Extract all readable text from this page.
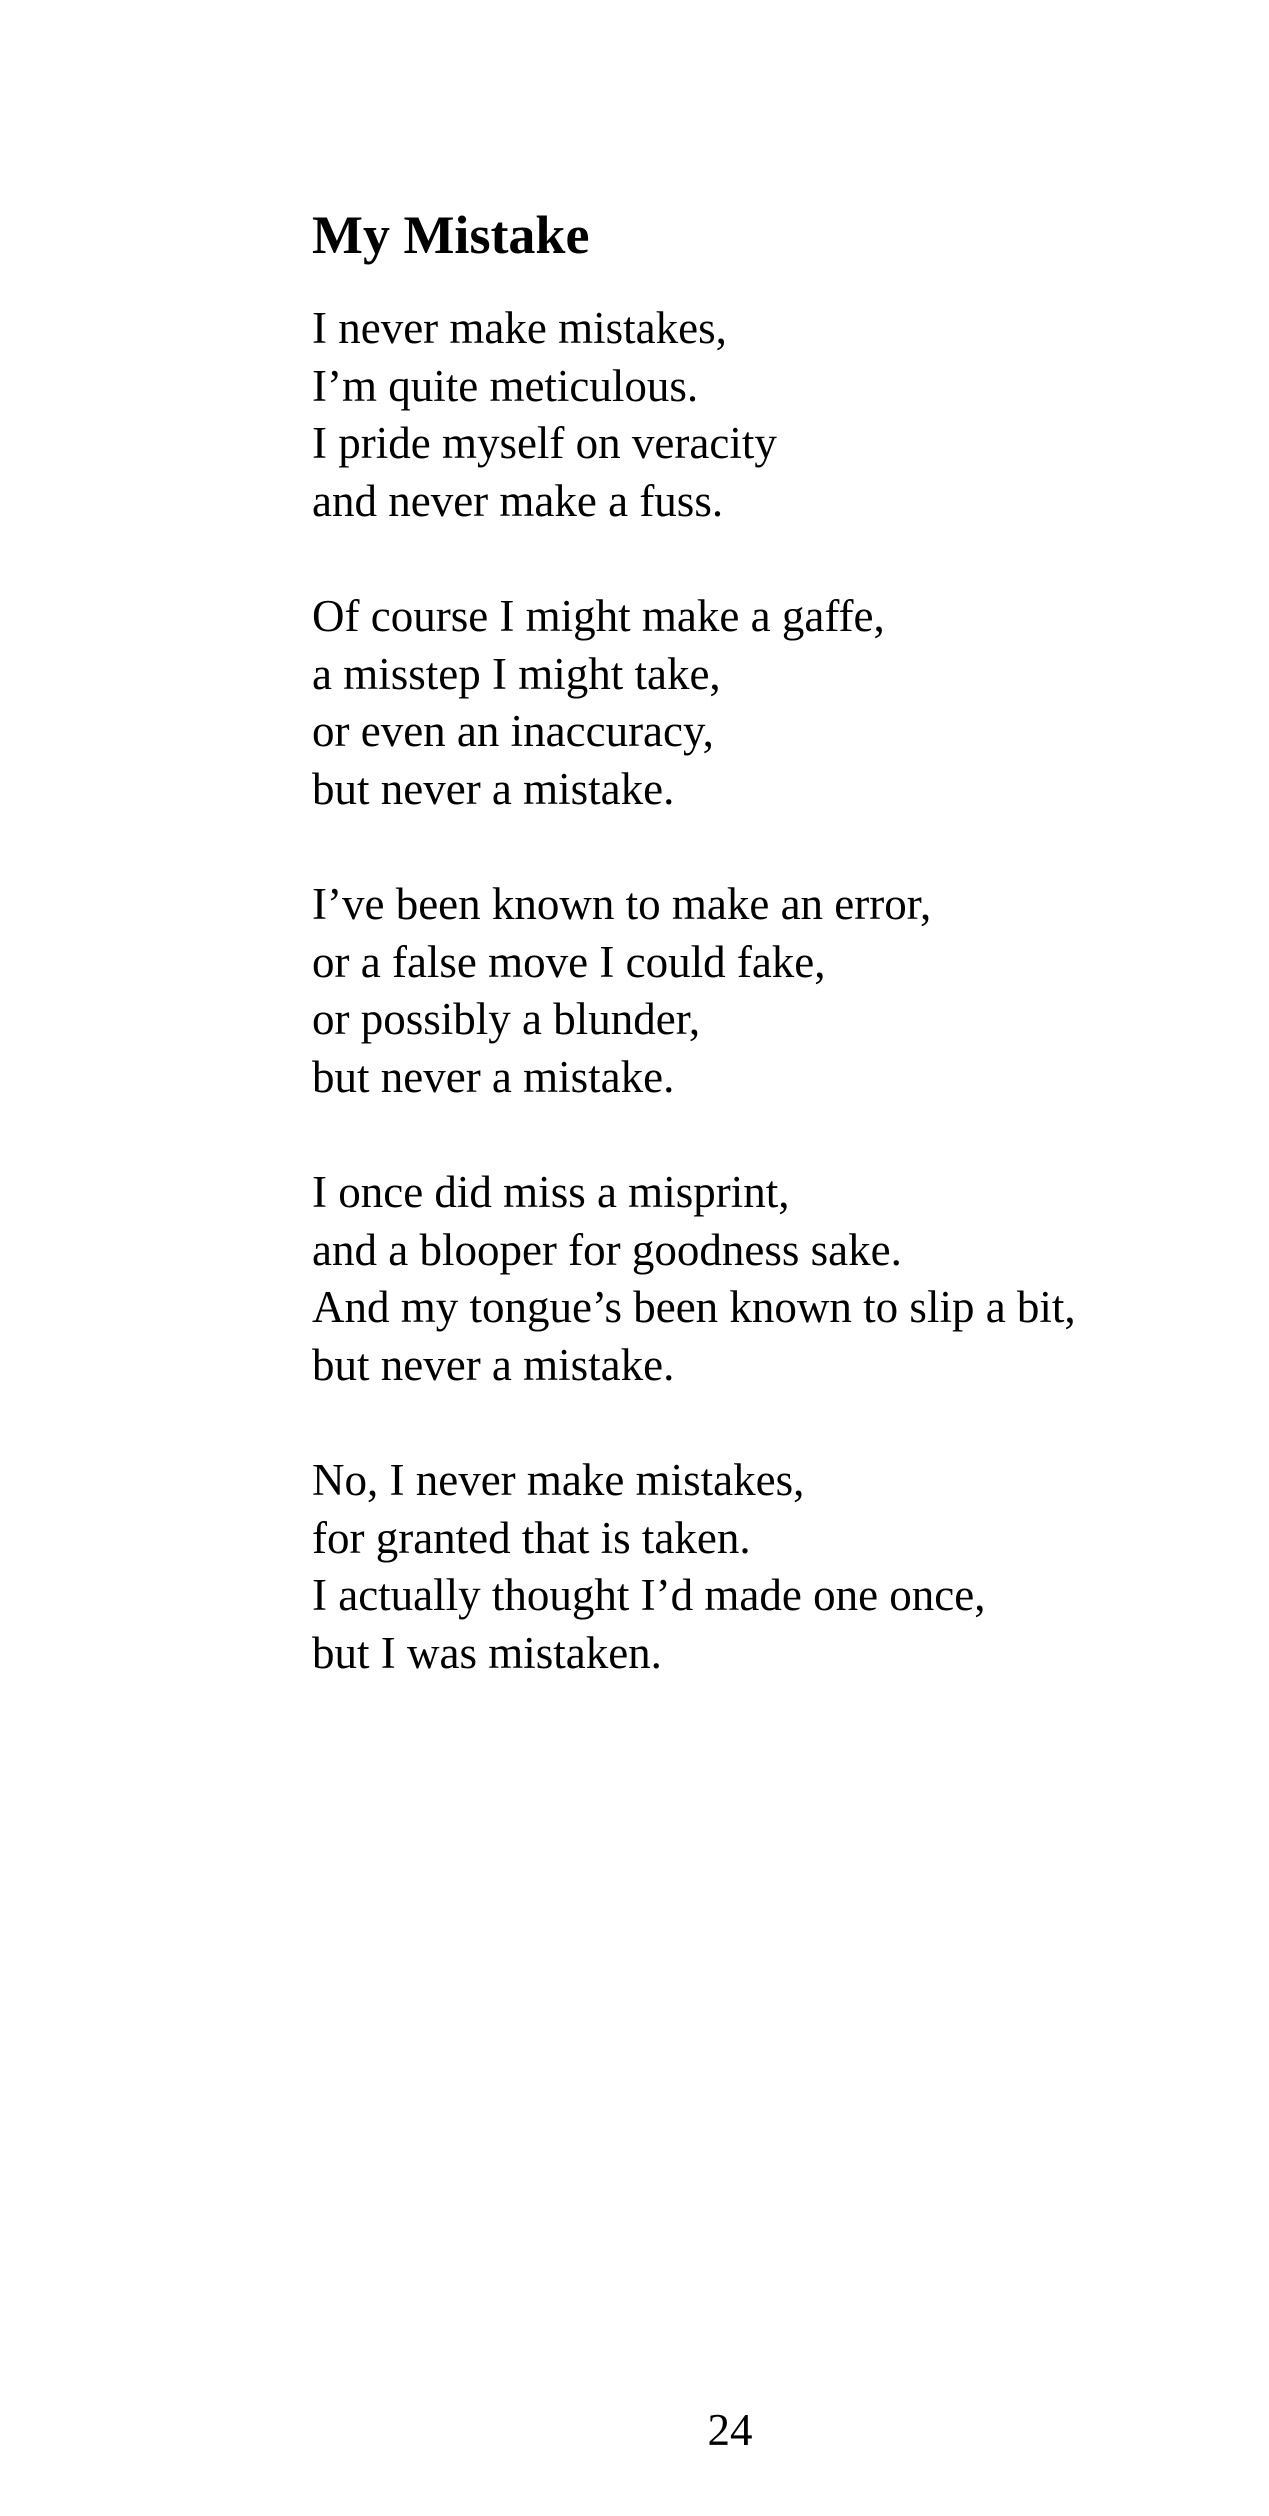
My Mistake
I never make mistakes,
I’m quite meticulous.
I pride myself on veracity
and never make a fuss.
Of course I might make a gaffe,
a misstep I might take,
or even an inaccuracy,
but never a mistake.
I’ve been known to make an error,
or a false move I could fake,
or possibly a blunder,
but never a mistake.
I once did miss a misprint,
and a blooper for goodness sake.
And my tongue’s been known to slip a bit,
but never a mistake.
No, I never make mistakes,
for granted that is taken.
I actually thought I’d made one once,
but I was mistaken.
24
